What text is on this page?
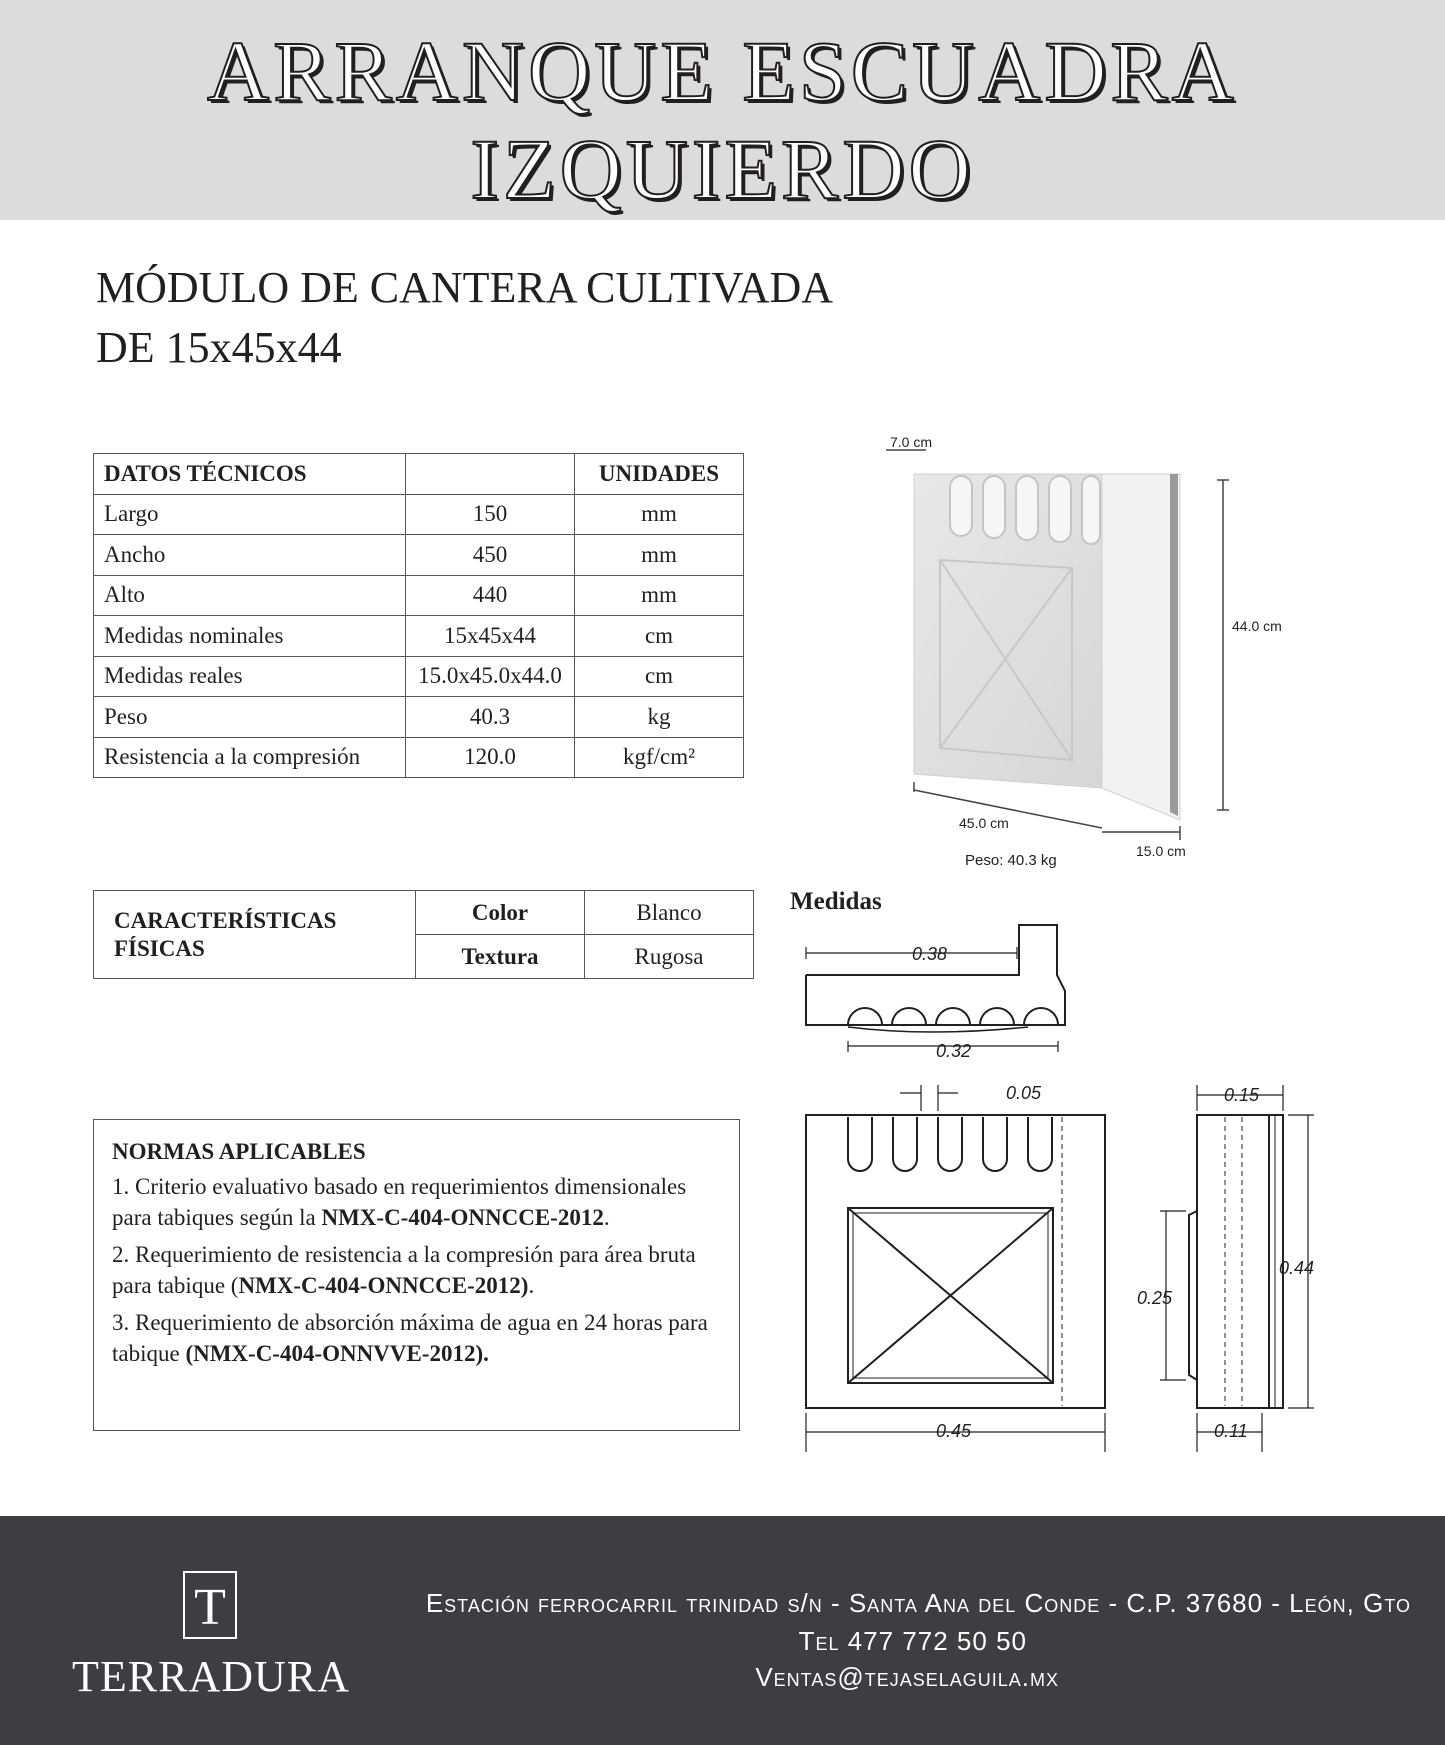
ARRANQUE ESCUADRA
IZQUIERDO
MÓDULO DE CANTERA CULTIVADA
DE 15x45x44
DATOS TÉCNICOS		UNIDADES
Largo	150	mm
Ancho	450	mm
Alto	440	mm
Medidas nominales	15x45x44	cm
Medidas reales	15.0x45.0x44.0	cm
Peso	40.3	kg
Resistencia a la compresión	120.0	kgf/cm²
CARACTERÍSTICAS FÍSICAS	Color	Blanco
	Textura	Rugosa
NORMAS APLICABLES

1. Criterio evaluativo basado en requerimientos dimensionales para tabiques según la NMX-C-404-ONNCCE-2012.

2. Requerimiento de resistencia a la compresión para área bruta para tabique (NMX-C-404-ONNCCE-2012).

3. Requerimiento de absorción máxima de agua en 24 horas para tabique (NMX-C-404-ONNVVE-2012).

7.0 cm
44.0 cm
45.0 cm
15.0 cm
Peso: 40.3 kg
Medidas
0.38
0.32
0.45
0.05	0.15
0.11
0.25
0.44
T
TERRADURA
Estación ferrocarril trinidad s/n - Santa Ana del Conde - C.P. 37680 - León, Gto
Tel 477 772 50 50
Ventas@tejaselaguila.mx
